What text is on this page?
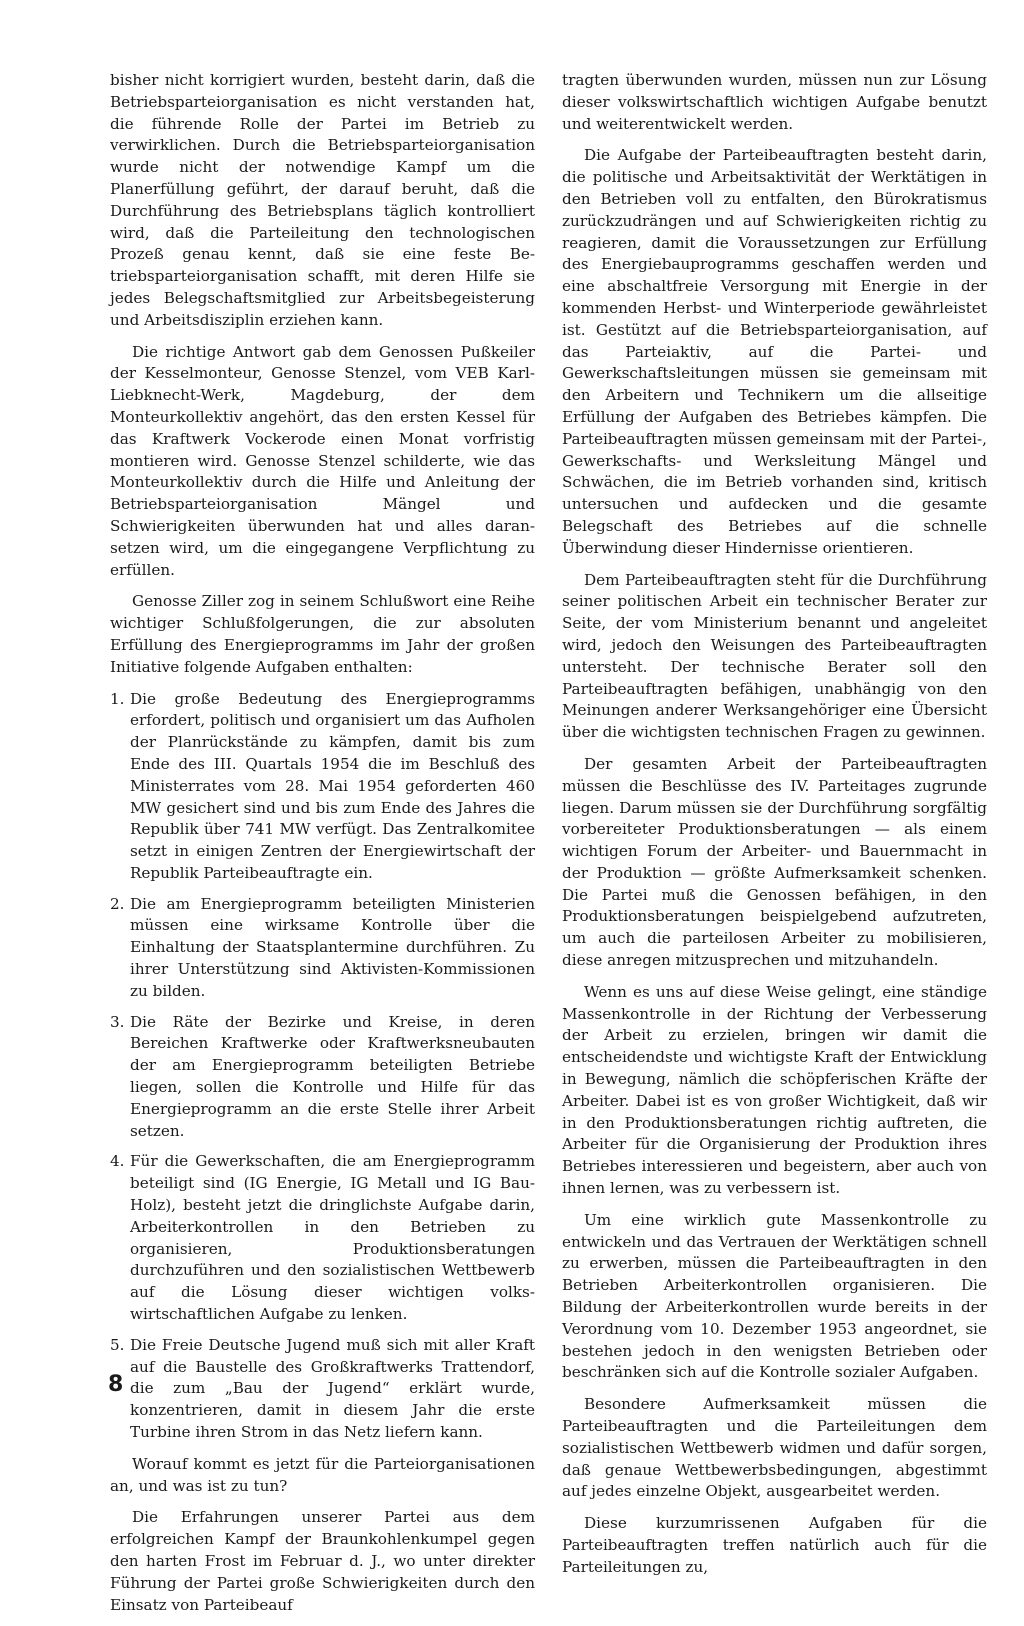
bisher nicht korrigiert wurden, besteht darin, daß die Betriebsparteiorganisation es nicht verstanden hat, die führende Rolle der Partei im Betrieb zu verwirklichen. Durch die Betriebsparteiorganisation wurde nicht der notwendige Kampf um die Planerfüllung geführt, der darauf beruht, daß die Durchführung des Betriebsplans täglich kontrolliert wird, daß die Parteileitung den technologischen Prozeß genau kennt, daß sie eine feste Betriebsparteiorganisation schafft, mit deren Hilfe sie jedes Belegschaftsmitglied zur Arbeitsbegeisterung und Arbeitsdisziplin erziehen kann.

Die richtige Antwort gab dem Genossen Pußkeiler der Kesselmonteur, Genosse Stenzel, vom VEB Karl-Liebknecht-Werk, Magdeburg, der dem Monteurkollektiv angehört, das den ersten Kessel für das Kraftwerk Vockerode einen Monat vorfristig montieren wird. Genosse Stenzel schilderte, wie das Monteurkollektiv durch die Hilfe und Anleitung der Betriebsparteiorganisation Mängel und Schwierigkeiten überwunden hat und alles daransetzen wird, um die eingegangene Verpflichtung zu erfüllen.

Genosse Ziller zog in seinem Schlußwort eine Reihe wichtiger Schlußfolgerungen, die zur absoluten Erfüllung des Energieprogramms im Jahr der großen Initiative folgende Aufgaben enthalten:

1. Die große Bedeutung des Energieprogramms erfordert, politisch und organisiert um das Aufholen der Planrückstände zu kämpfen, damit bis zum Ende des III. Quartals 1954 die im Beschluß des Ministerrates vom 28. Mai 1954 geforderten 460 MW gesichert sind und bis zum Ende des Jahres die Republik über 741 MW verfügt. Das Zentralkomitee setzt in einigen Zentren der Energiewirtschaft der Republik Parteibeauftragte ein.
2. Die am Energieprogramm beteiligten Ministerien müssen eine wirksame Kontrolle über die Einhaltung der Staatsplantermine durchführen. Zu ihrer Unterstützung sind Aktivisten-Kommissionen zu bilden.
3. Die Räte der Bezirke und Kreise, in deren Bereichen Kraftwerke oder Kraftwerksneubauten der am Energieprogramm beteiligten Betriebe liegen, sollen die Kontrolle und Hilfe für das Energieprogramm an die erste Stelle ihrer Arbeit setzen.
4. Für die Gewerkschaften, die am Energieprogramm beteiligt sind (IG Energie, IG Metall und IG Bau-Holz), besteht jetzt die dringlichste Aufgabe darin, Arbeiterkontrollen in den Betrieben zu organisieren, Produktionsberatungen durchzuführen und den sozialistischen Wettbewerb auf die Lösung dieser wichtigen volkswirtschaftlichen Aufgabe zu lenken.
5. Die Freie Deutsche Jugend muß sich mit aller Kraft auf die Baustelle des Großkraftwerks Trattendorf, die zum „Bau der Jugend“ erklärt wurde, konzentrieren, damit in diesem Jahr die erste Turbine ihren Strom in das Netz liefern kann.

Worauf kommt es jetzt für die Parteiorganisationen an, und was ist zu tun?

Die Erfahrungen unserer Partei aus dem erfolgreichen Kampf der Braunkohlenkumpel gegen den harten Frost im Februar d. J., wo unter direkter Führung der Partei große Schwierigkeiten durch den Einsatz von Parteibeauf

tragten überwunden wurden, müssen nun zur Lösung dieser volkswirtschaftlich wichtigen Aufgabe benutzt und weiterentwickelt werden.

Die Aufgabe der Parteibeauftragten besteht darin, die politische und Arbeitsaktivität der Werktätigen in den Betrieben voll zu entfalten, den Bürokratismus zurückzudrängen und auf Schwierigkeiten richtig zu reagieren, damit die Voraussetzungen zur Erfüllung des Energiebauprogramms geschaffen werden und eine abschaltfreie Versorgung mit Energie in der kommenden Herbst- und Winterperiode gewährleistet ist. Gestützt auf die Betriebsparteiorganisation, auf das Parteiaktiv, auf die Partei- und Gewerkschaftsleitungen müssen sie gemeinsam mit den Arbeitern und Technikern um die allseitige Erfüllung der Aufgaben des Betriebes kämpfen. Die Parteibeauftragten müssen gemeinsam mit der Partei-, Gewerkschafts- und Werksleitung Mängel und Schwächen, die im Betrieb vorhanden sind, kritisch untersuchen und aufdecken und die gesamte Belegschaft des Betriebes auf die schnelle Überwindung dieser Hindernisse orientieren.

Dem Parteibeauftragten steht für die Durchführung seiner politischen Arbeit ein technischer Berater zur Seite, der vom Ministerium benannt und angeleitet wird, jedoch den Weisungen des Parteibeauftragten untersteht. Der technische Berater soll den Parteibeauftragten befähigen, unabhängig von den Meinungen anderer Werksangehöriger eine Übersicht über die wichtigsten technischen Fragen zu gewinnen.

Der gesamten Arbeit der Parteibeauftragten müssen die Beschlüsse des IV. Parteitages zugrunde liegen. Darum müssen sie der Durchführung sorgfältig vorbereiteter Produktionsberatungen — als einem wichtigen Forum der Arbeiter- und Bauernmacht in der Produktion — größte Aufmerksamkeit schenken. Die Partei muß die Genossen befähigen, in den Produktionsberatungen beispielgebend aufzutreten, um auch die parteilosen Arbeiter zu mobilisieren, diese anregen mitzusprechen und mitzuhandeln.

Wenn es uns auf diese Weise gelingt, eine ständige Massenkontrolle in der Richtung der Verbesserung der Arbeit zu erzielen, bringen wir damit die entscheidendste und wichtigste Kraft der Entwicklung in Bewegung, nämlich die schöpferischen Kräfte der Arbeiter. Dabei ist es von großer Wichtigkeit, daß wir in den Produktionsberatungen richtig auftreten, die Arbeiter für die Organisierung der Produktion ihres Betriebes interessieren und begeistern, aber auch von ihnen lernen, was zu verbessern ist.

Um eine wirklich gute Massenkontrolle zu entwickeln und das Vertrauen der Werktätigen schnell zu erwerben, müssen die Parteibeauftragten in den Betrieben Arbeiterkontrollen organisieren. Die Bildung der Arbeiterkontrollen wurde bereits in der Verordnung vom 10. Dezember 1953 angeordnet, sie bestehen jedoch in den wenigsten Betrieben oder beschränken sich auf die Kontrolle sozialer Aufgaben.

Besondere Aufmerksamkeit müssen die Parteibeauftragten und die Parteileitungen dem sozialistischen Wettbewerb widmen und dafür sorgen, daß genaue Wettbewerbsbedingungen, abgestimmt auf jedes einzelne Objekt, ausgearbeitet werden.

Diese kurzumrissenen Aufgaben für die Parteibeauftragten treffen natürlich auch für die Parteileitungen zu,

8
